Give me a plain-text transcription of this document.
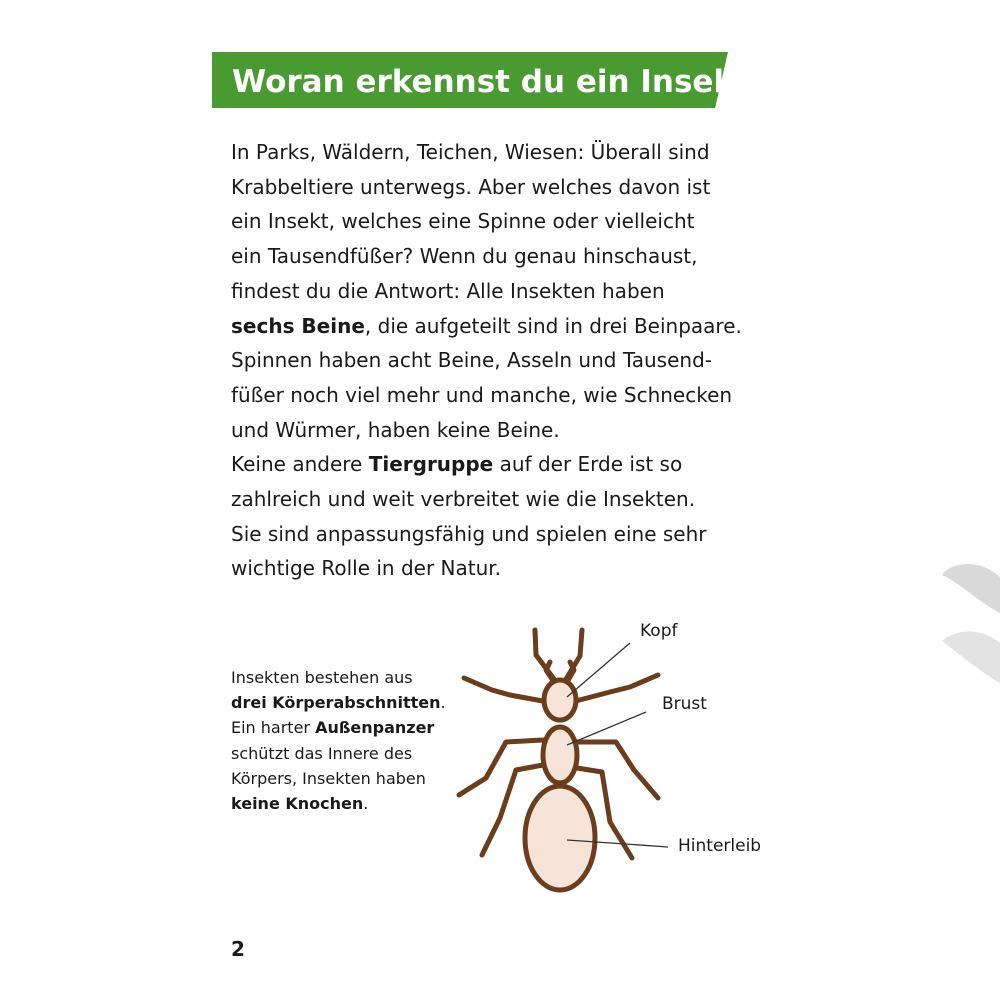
Woran erkennst du ein Insekt?

In Parks, Wäldern, Teichen, Wiesen: Überall sind

Krabbeltiere unterwegs. Aber welches davon ist

ein Insekt, welches eine Spinne oder vielleicht

ein Tausendfüßer? Wenn du genau hinschaust,

findest du die Antwort: Alle Insekten haben

sechs Beine, die aufgeteilt sind in drei Beinpaare.

Spinnen haben acht Beine, Asseln und Tausend-

füßer noch viel mehr und manche, wie Schnecken

und Würmer, haben keine Beine.

Keine andere Tiergruppe auf der Erde ist so

zahlreich und weit verbreitet wie die Insekten.

Sie sind anpassungsfähig und spielen eine sehr

wichtige Rolle in der Natur.

Insekten bestehen aus

drei Körperabschnitten.

Ein harter Außenpanzer

schützt das Innere des

Körpers, Insekten haben

keine Knochen.

Kopf
Brust
Hinterleib
2
